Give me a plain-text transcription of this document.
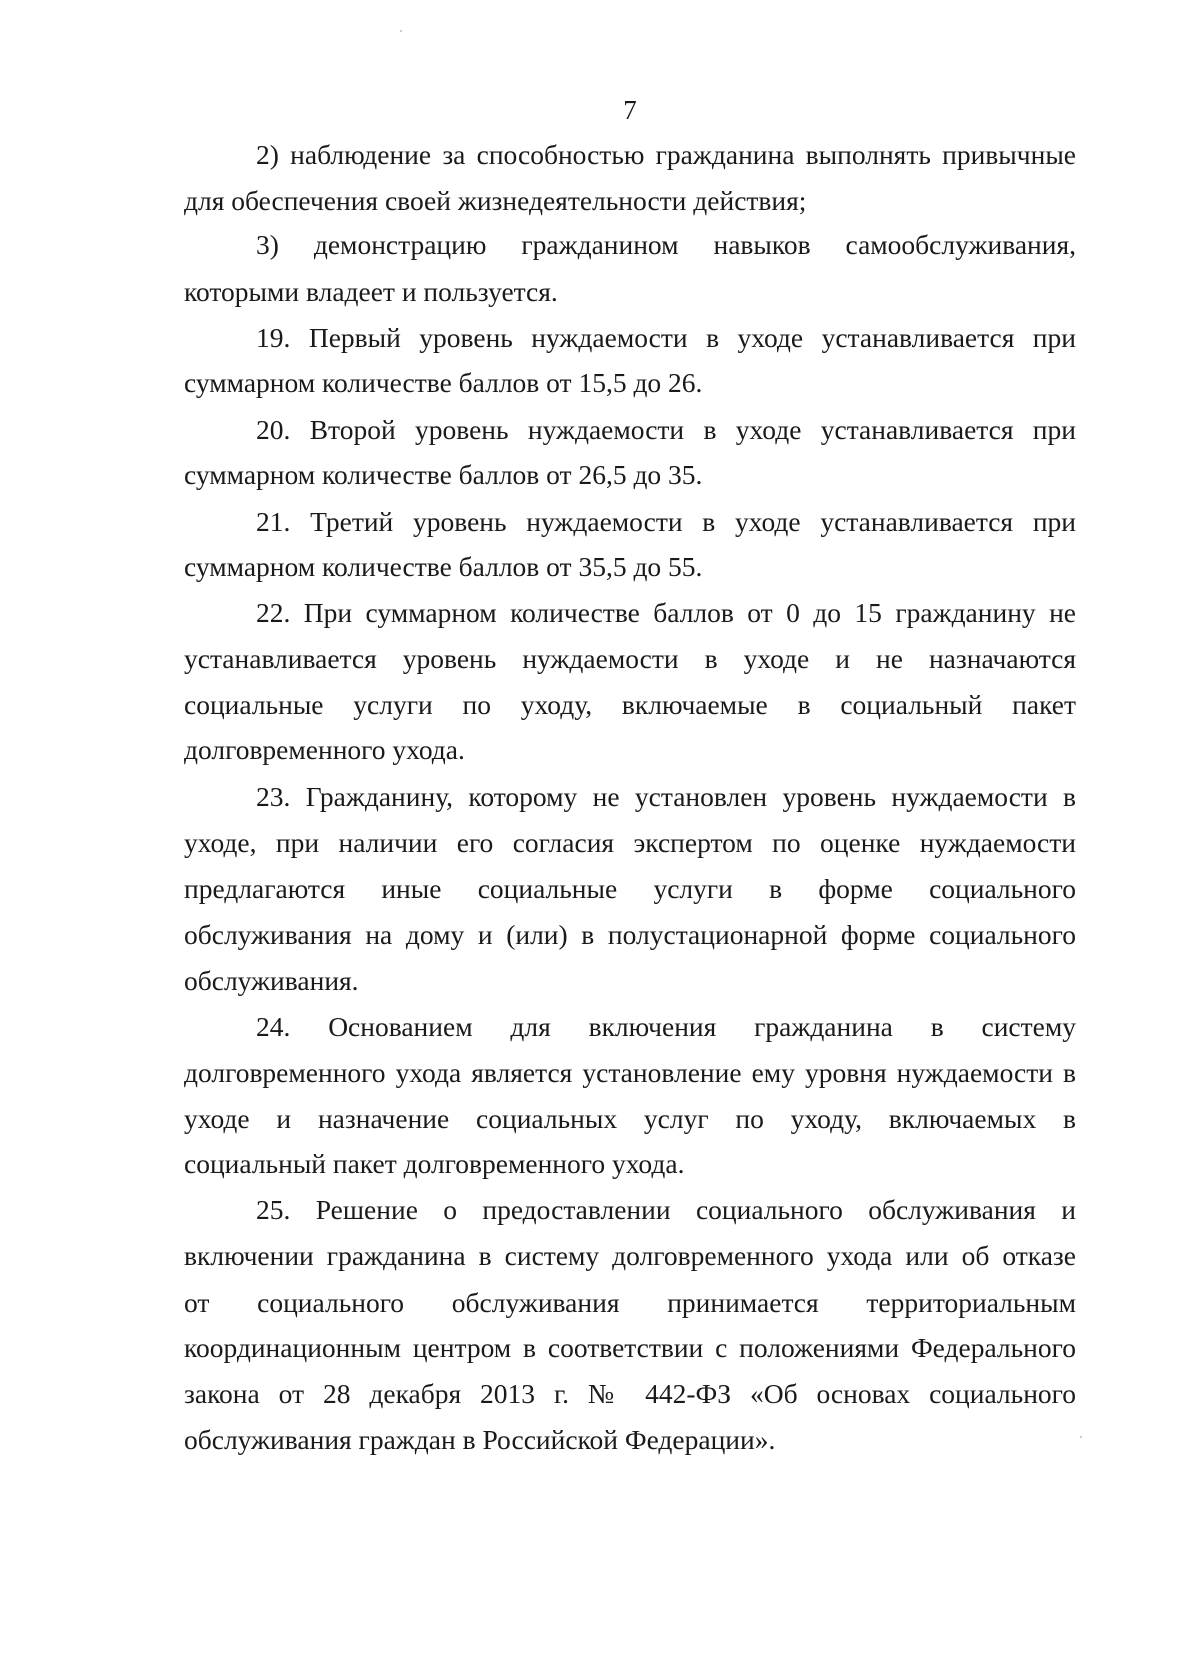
7
2) наблюдение за способностью гражданина выполнять привычные
для обеспечения своей жизнедеятельности действия;
3) демонстрацию гражданином навыков самообслуживания,
которыми владеет и пользуется.
19. Первый уровень нуждаемости в уходе устанавливается при
суммарном количестве баллов от 15,5 до 26.
20. Второй уровень нуждаемости в уходе устанавливается при
суммарном количестве баллов от 26,5 до 35.
21. Третий уровень нуждаемости в уходе устанавливается при
суммарном количестве баллов от 35,5 до 55.
22. При суммарном количестве баллов от 0 до 15 гражданину не
устанавливается уровень нуждаемости в уходе и не назначаются
социальные услуги по уходу, включаемые в социальный пакет
долговременного ухода.
23. Гражданину, которому не установлен уровень нуждаемости в
уходе, при наличии его согласия экспертом по оценке нуждаемости
предлагаются иные социальные услуги в форме социального
обслуживания на дому и (или) в полустационарной форме социального
обслуживания.
24. Основанием для включения гражданина в систему
долговременного ухода является установление ему уровня нуждаемости в
уходе и назначение социальных услуг по уходу, включаемых в
социальный пакет долговременного ухода.
25. Решение о предоставлении социального обслуживания и
включении гражданина в систему долговременного ухода или об отказе
от социального обслуживания принимается территориальным
координационным центром в соответствии с положениями Федерального
закона от 28 декабря 2013 г. № 442-ФЗ «Об основах социального
обслуживания граждан в Российской Федерации».
